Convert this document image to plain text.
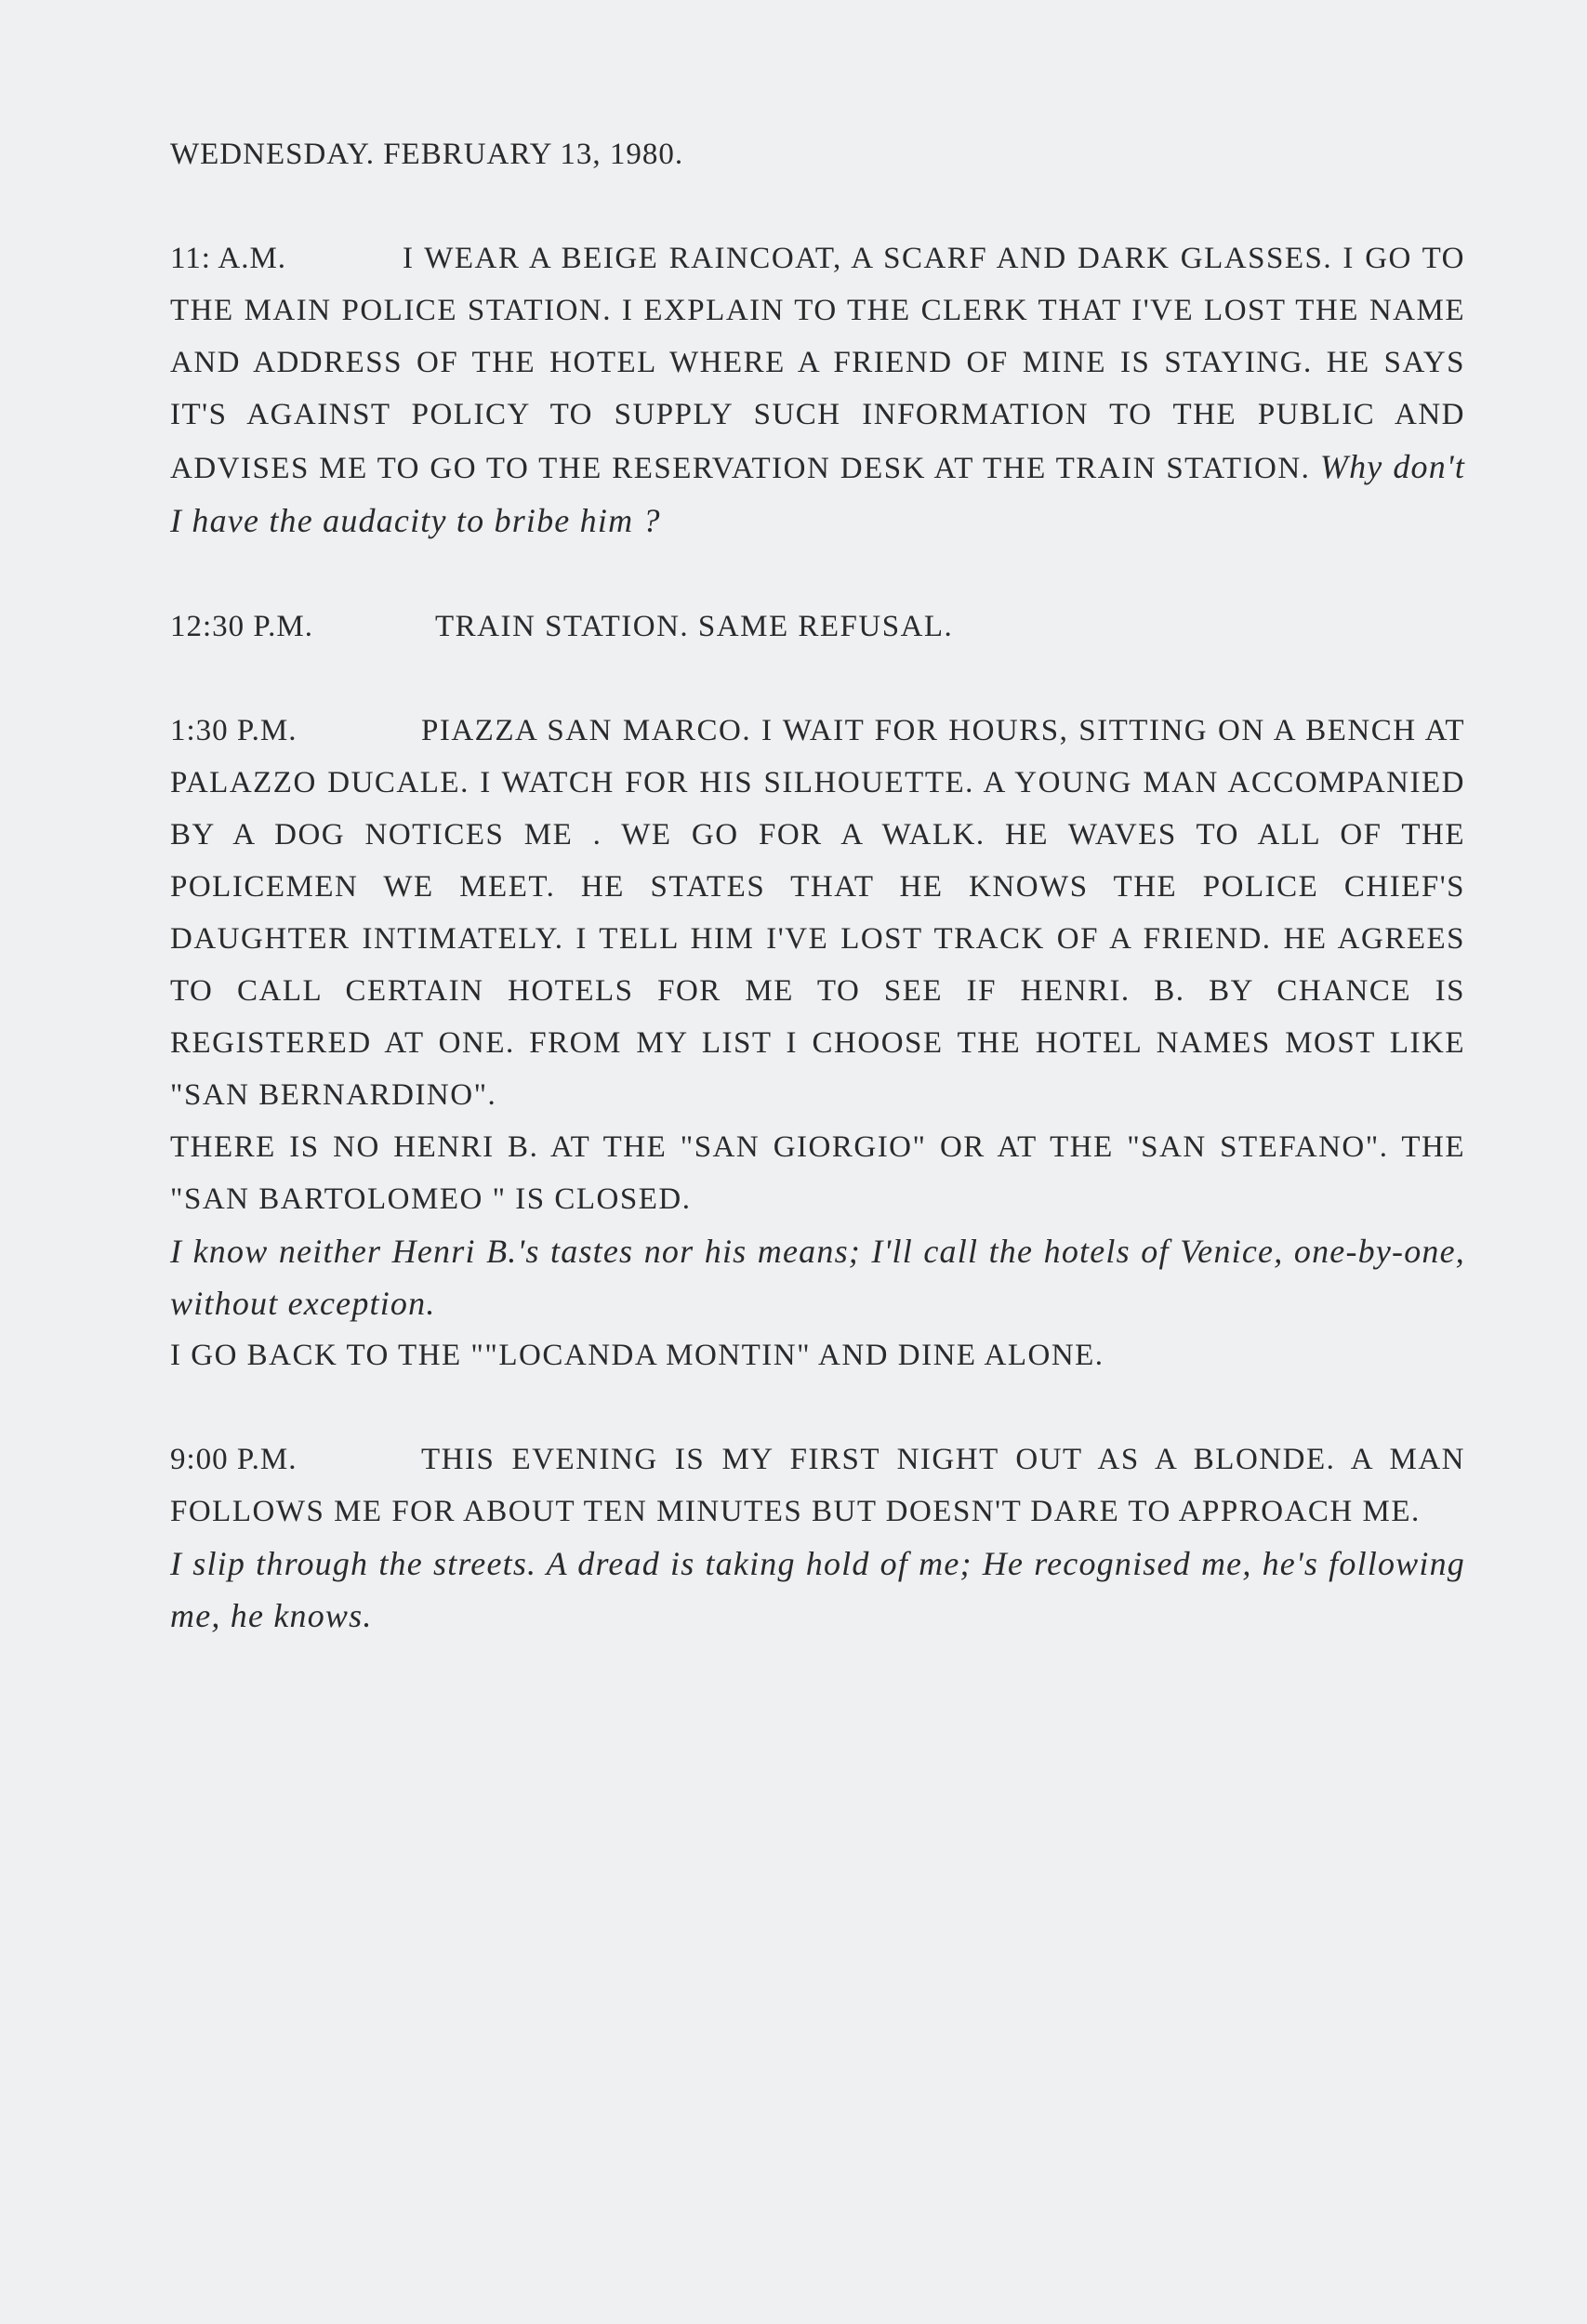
WEDNESDAY. FEBRUARY 13, 1980.

11: A.M.	I WEAR A BEIGE RAINCOAT, A SCARF AND DARK GLASSES. I GO TO THE MAIN POLICE STATION. I EXPLAIN TO THE CLERK THAT I'VE LOST THE NAME AND ADDRESS OF THE HOTEL WHERE A FRIEND OF MINE IS STAYING. HE SAYS IT'S AGAINST POLICY TO SUPPLY SUCH INFORMATION TO THE PUBLIC AND ADVISES ME TO GO TO THE RESERVATION DESK AT THE TRAIN STATION. Why don't I have the audacity to bribe him ?

12:30 P.M.	TRAIN STATION. SAME REFUSAL.

1:30 P.M.	PIAZZA SAN MARCO. I WAIT FOR HOURS, SITTING ON A BENCH AT PALAZZO DUCALE. I WATCH FOR HIS SILHOUETTE. A YOUNG MAN ACCOMPANIED BY A DOG NOTICES ME . WE GO FOR A WALK. HE WAVES TO ALL OF THE POLICEMEN WE MEET. HE STATES THAT HE KNOWS THE POLICE CHIEF'S DAUGHTER INTIMATELY. I TELL HIM I'VE LOST TRACK OF A FRIEND. HE AGREES TO CALL CERTAIN HOTELS FOR ME TO SEE IF HENRI. B. BY CHANCE IS REGISTERED AT ONE. FROM MY LIST I CHOOSE THE HOTEL NAMES MOST LIKE "SAN BERNARDINO".

THERE IS NO HENRI B. AT THE "SAN GIORGIO" OR AT THE "SAN STEFANO". THE "SAN BARTOLOMEO " IS CLOSED.

I know neither Henri B.'s tastes nor his means; I'll call the hotels of Venice, one-by-one, without exception.

I GO BACK TO THE ""LOCANDA MONTIN" AND DINE ALONE.

9:00 P.M.	THIS EVENING IS MY FIRST NIGHT OUT AS A BLONDE. A MAN FOLLOWS ME FOR ABOUT TEN MINUTES BUT DOESN'T DARE TO APPROACH ME.

I slip through the streets. A dread is taking hold of me; He recognised me, he's following me, he knows.
